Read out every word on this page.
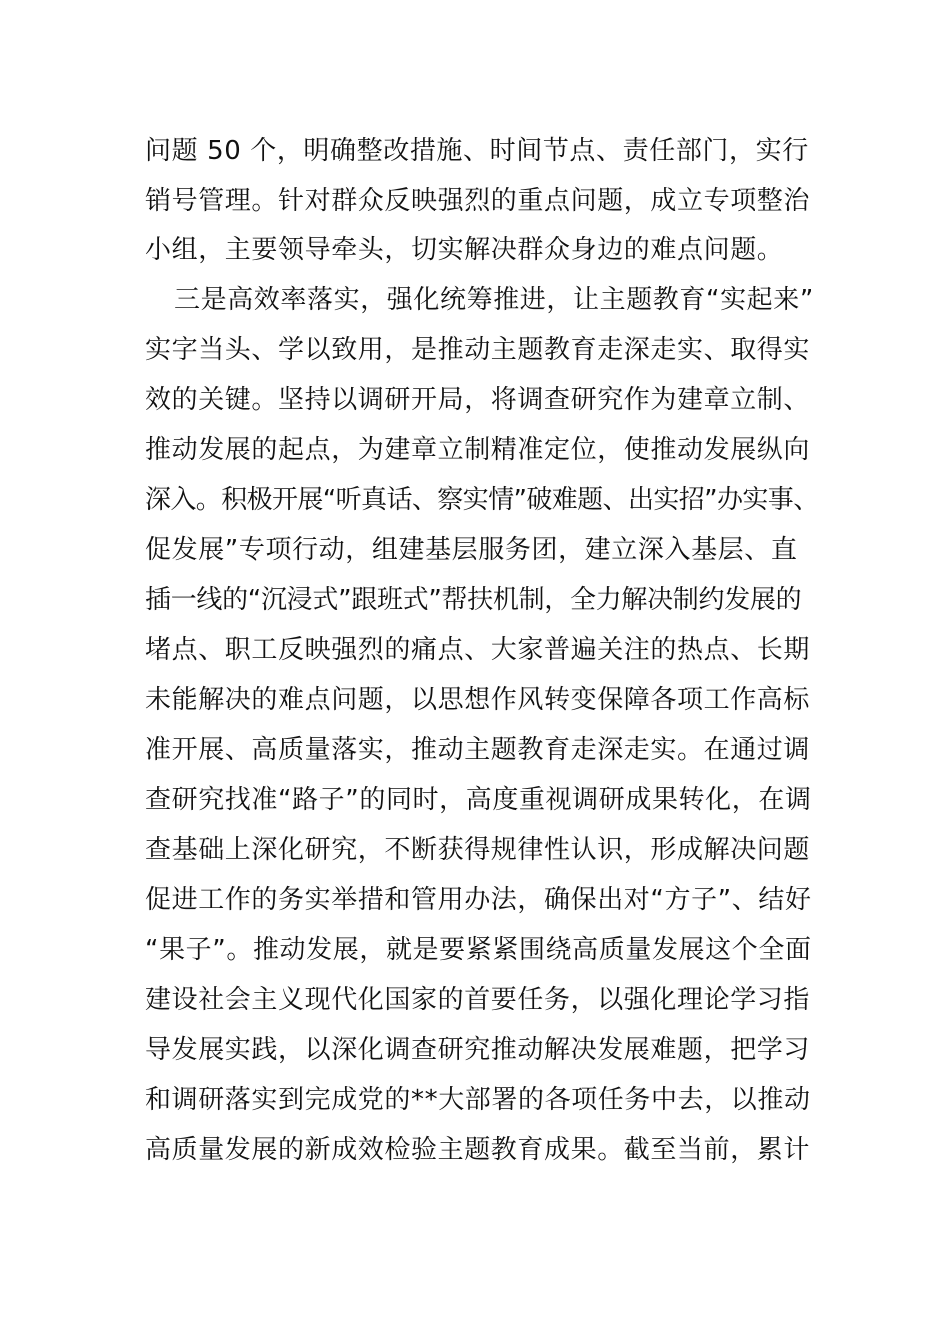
问题 50 个，明确整改措施、时间节点、责任部门，实行
销号管理。针对群众反映强烈的重点问题，成立专项整治
小组，主要领导牵头，切实解决群众身边的难点问题。
三是高效率落实，强化统筹推进，让主题教育“实起来”
实字当头、学以致用，是推动主题教育走深走实、取得实
效的关键。坚持以调研开局，将调查研究作为建章立制、
推动发展的起点，为建章立制精准定位，使推动发展纵向
深入。积极开展“听真话、察实情”破难题、出实招”办实事、
促发展”专项行动，组建基层服务团，建立深入基层、直
插一线的“沉浸式”跟班式”帮扶机制，全力解决制约发展的
堵点、职工反映强烈的痛点、大家普遍关注的热点、长期
未能解决的难点问题，以思想作风转变保障各项工作高标
准开展、高质量落实，推动主题教育走深走实。在通过调
查研究找准“路子”的同时，高度重视调研成果转化，在调
查基础上深化研究，不断获得规律性认识，形成解决问题
促进工作的务实举措和管用办法，确保出对“方子”、结好
“果子”。推动发展，就是要紧紧围绕高质量发展这个全面
建设社会主义现代化国家的首要任务，以强化理论学习指
导发展实践，以深化调查研究推动解决发展难题，把学习
和调研落实到完成党的**大部署的各项任务中去，以推动
高质量发展的新成效检验主题教育成果。截至当前，累计
